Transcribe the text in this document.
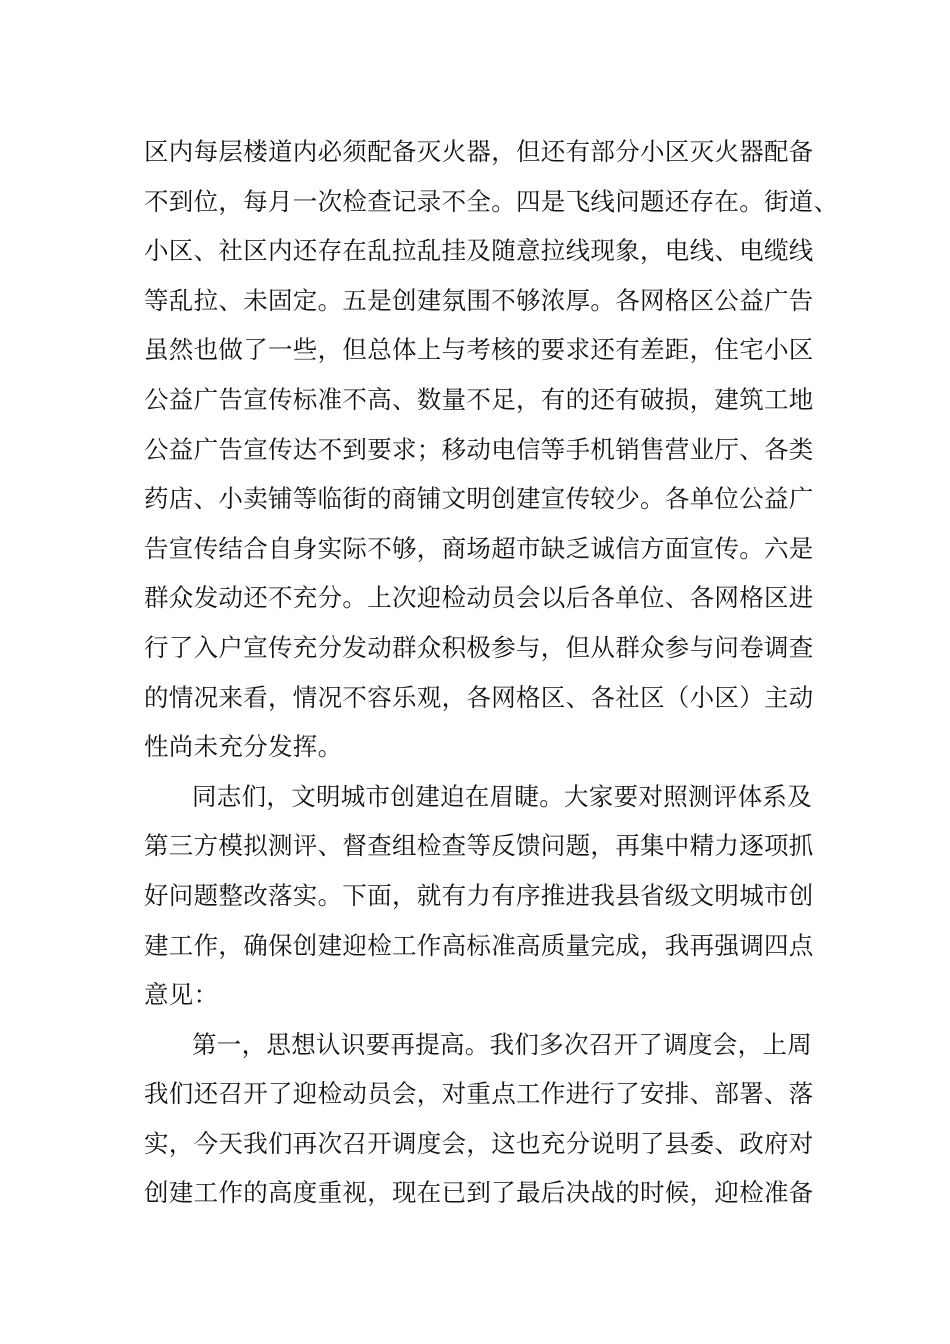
区内每层楼道内必须配备灭火器，但还有部分小区灭火器配备
不到位，每月一次检查记录不全。四是飞线问题还存在。街道、
小区、社区内还存在乱拉乱挂及随意拉线现象，电线、电缆线
等乱拉、未固定。五是创建氛围不够浓厚。各网格区公益广告
虽然也做了一些，但总体上与考核的要求还有差距，住宅小区
公益广告宣传标准不高、数量不足，有的还有破损，建筑工地
公益广告宣传达不到要求；移动电信等手机销售营业厅、各类
药店、小卖铺等临街的商铺文明创建宣传较少。各单位公益广
告宣传结合自身实际不够，商场超市缺乏诚信方面宣传。六是
群众发动还不充分。上次迎检动员会以后各单位、各网格区进
行了入户宣传充分发动群众积极参与，但从群众参与问卷调查
的情况来看，情况不容乐观，各网格区、各社区（小区）主动
性尚未充分发挥。
同志们，文明城市创建迫在眉睫。大家要对照测评体系及
第三方模拟测评、督查组检查等反馈问题，再集中精力逐项抓
好问题整改落实。下面，就有力有序推进我县省级文明城市创
建工作，确保创建迎检工作高标准高质量完成，我再强调四点
意见：
第一，思想认识要再提高。我们多次召开了调度会，上周
我们还召开了迎检动员会，对重点工作进行了安排、部署、落
实，今天我们再次召开调度会，这也充分说明了县委、政府对
创建工作的高度重视，现在已到了最后决战的时候，迎检准备
